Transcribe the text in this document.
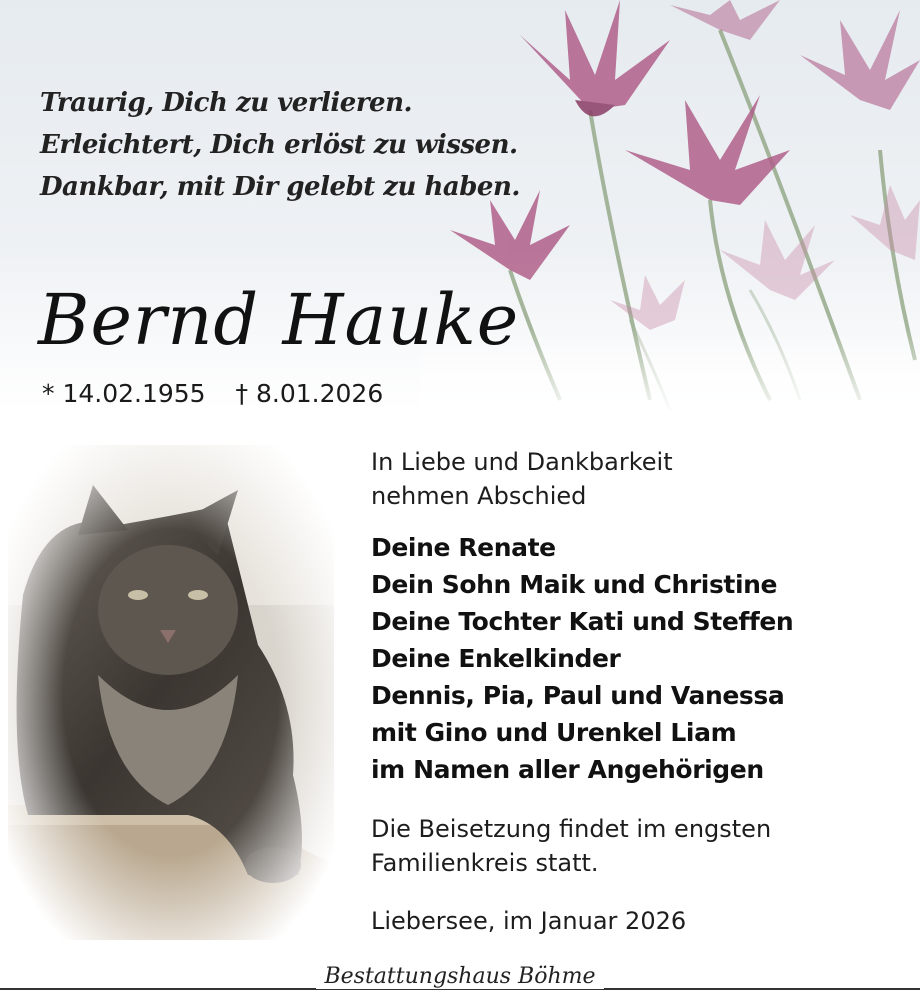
Traurig, Dich zu verlieren.
Erleichtert, Dich erlöst zu wissen.
Dankbar, mit Dir gelebt zu haben.
Bernd Hauke
* 14.02.1955 † 8.01.2026
In Liebe und Dankbarkeit
nehmen Abschied
Deine Renate
Dein Sohn Maik und Christine
Deine Tochter Kati und Steffen
Deine Enkelkinder
Dennis, Pia, Paul und Vanessa
mit Gino und Urenkel Liam
im Namen aller Angehörigen
Die Beisetzung findet im engsten
Familienkreis statt.
Liebersee, im Januar 2026
Bestattungshaus Böhme
